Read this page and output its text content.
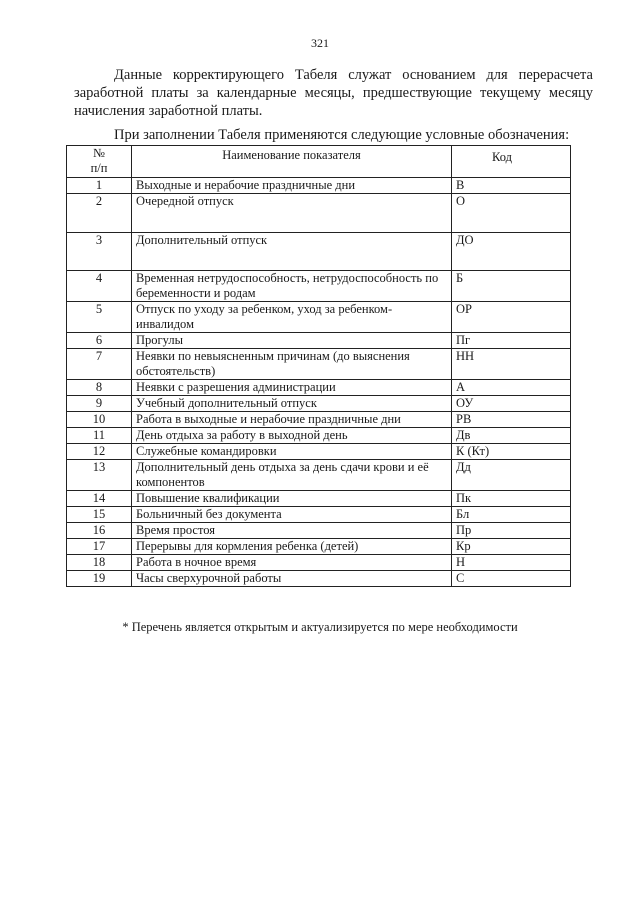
321

Данные корректирующего Табеля служат основанием для перерасчета заработной платы за календарные месяцы, предшествующие текущему месяцу начисления заработной платы.

При заполнении Табеля применяются следующие условные обозначения:

№
п/п	Наименование показателя	Код
1	Выходные и нерабочие праздничные дни	В
2	Очередной отпуск	О
3	Дополнительный отпуск	ДО
4	Временная нетрудоспособность, нетрудоспособность по беременности и родам	Б
5	Отпуск по уходу за ребенком, уход за ребенком-инвалидом	ОР
6	Прогулы	Пг
7	Неявки по невыясненным причинам (до выяснения обстоятельств)	НН
8	Неявки с разрешения администрации	А
9	Учебный дополнительный отпуск	ОУ
10	Работа в выходные и нерабочие праздничные дни	РВ
11	День отдыха за работу в выходной день	Дв
12	Служебные командировки	К (Кт)
13	Дополнительный день отдыха за день сдачи крови и её компонентов	Дд
14	Повышение квалификации	Пк
15	Больничный без документа	Бл
16	Время простоя	Пр
17	Перерывы для кормления ребенка (детей)	Кр
18	Работа в ночное время	Н
19	Часы сверхурочной работы	С
* Перечень является открытым и актуализируется по мере необходимости
